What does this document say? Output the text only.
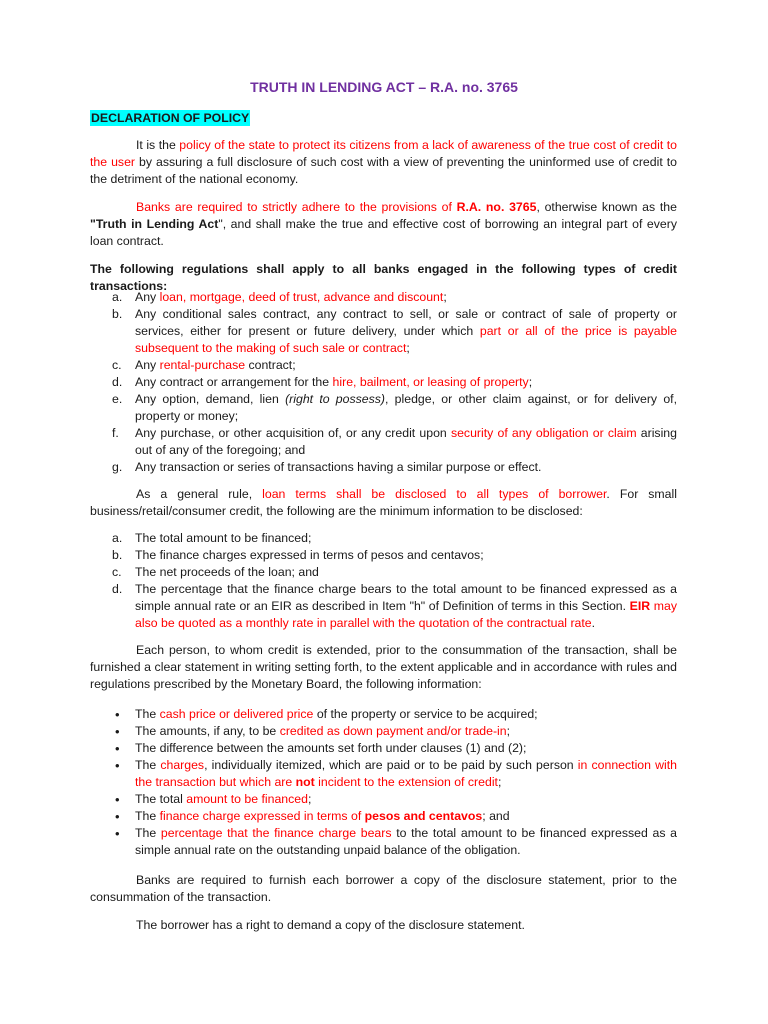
TRUTH IN LENDING ACT – R.A. no. 3765
DECLARATION OF POLICY

It is the policy of the state to protect its citizens from a lack of awareness of the true cost of credit to the user by assuring a full disclosure of such cost with a view of preventing the uninformed use of credit to the detriment of the national economy.

Banks are required to strictly adhere to the provisions of R.A. no. 3765, otherwise known as the "Truth in Lending Act", and shall make the true and effective cost of borrowing an integral part of every loan contract.

The following regulations shall apply to all banks engaged in the following types of credit transactions:

a. Any loan, mortgage, deed of trust, advance and discount;
b. Any conditional sales contract, any contract to sell, or sale or contract of sale of property or services, either for present or future delivery, under which part or all of the price is payable subsequent to the making of such sale or contract;
c. Any rental-purchase contract;
d. Any contract or arrangement for the hire, bailment, or leasing of property;
e. Any option, demand, lien (right to possess), pledge, or other claim against, or for delivery of, property or money;
f. Any purchase, or other acquisition of, or any credit upon security of any obligation or claim arising out of any of the foregoing; and
g. Any transaction or series of transactions having a similar purpose or effect.

As a general rule, loan terms shall be disclosed to all types of borrower. For small business/retail/consumer credit, the following are the minimum information to be disclosed:

a. The total amount to be financed;
b. The finance charges expressed in terms of pesos and centavos;
c. The net proceeds of the loan; and
d. The percentage that the finance charge bears to the total amount to be financed expressed as a simple annual rate or an EIR as described in Item "h" of Definition of terms in this Section. EIR may also be quoted as a monthly rate in parallel with the quotation of the contractual rate.

Each person, to whom credit is extended, prior to the consummation of the transaction, shall be furnished a clear statement in writing setting forth, to the extent applicable and in accordance with rules and regulations prescribed by the Monetary Board, the following information:

• The cash price or delivered price of the property or service to be acquired;
• The amounts, if any, to be credited as down payment and/or trade-in;
• The difference between the amounts set forth under clauses (1) and (2);
• The charges, individually itemized, which are paid or to be paid by such person in connection with the transaction but which are not incident to the extension of credit;
• The total amount to be financed;
• The finance charge expressed in terms of pesos and centavos; and
• The percentage that the finance charge bears to the total amount to be financed expressed as a simple annual rate on the outstanding unpaid balance of the obligation.

Banks are required to furnish each borrower a copy of the disclosure statement, prior to the consummation of the transaction.

The borrower has a right to demand a copy of the disclosure statement.
